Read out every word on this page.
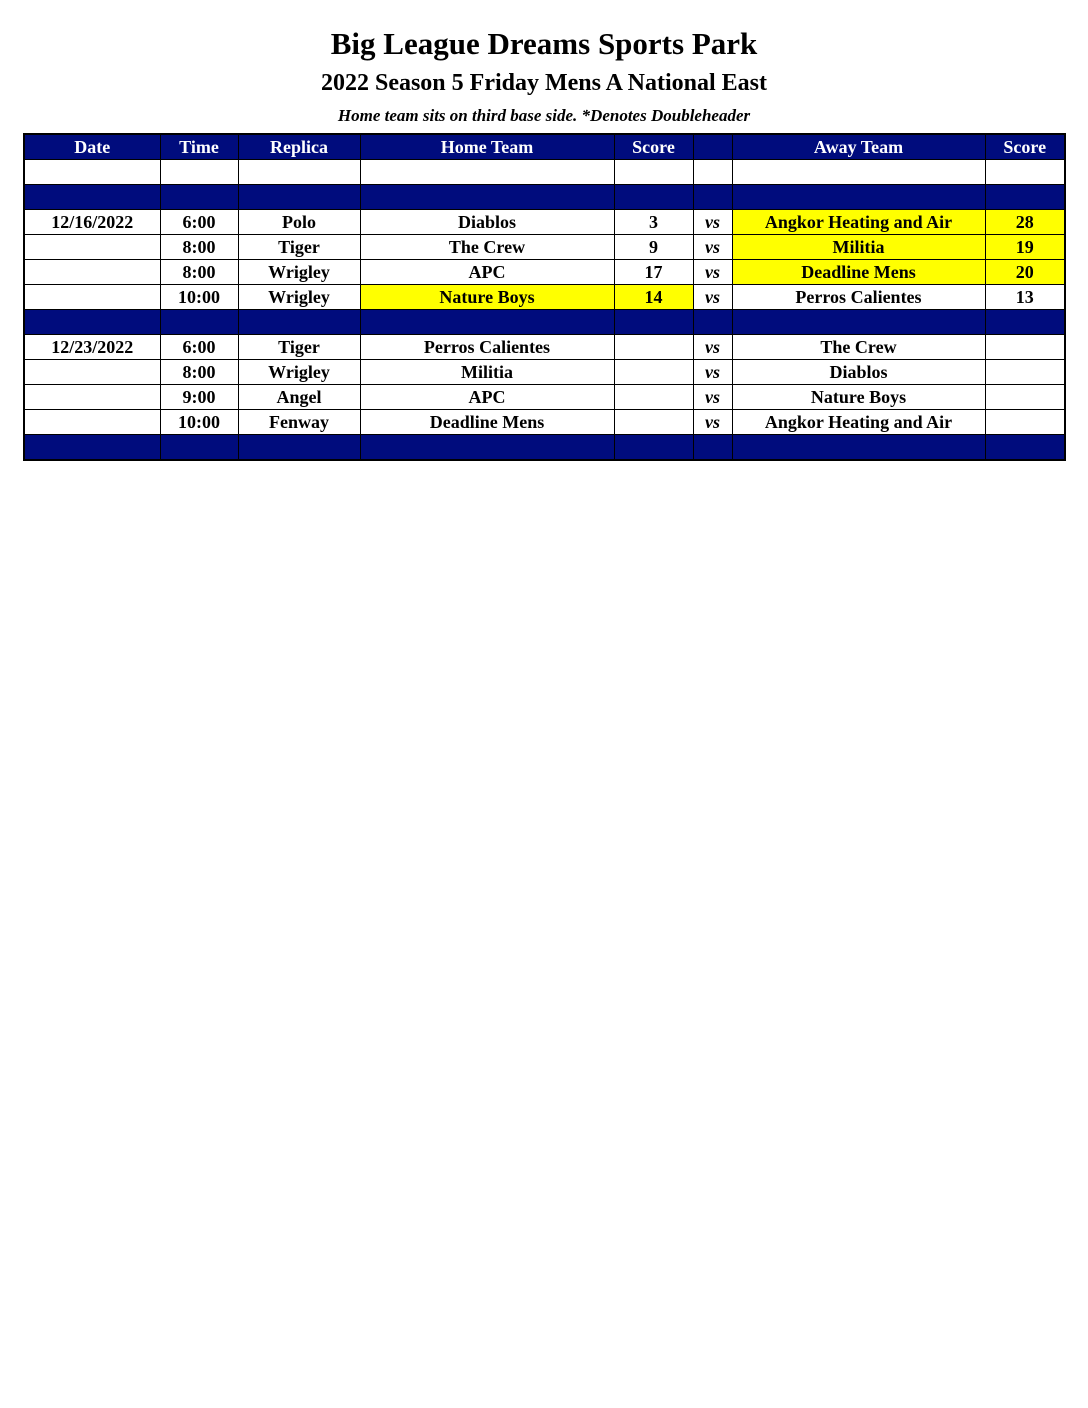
Big League Dreams Sports Park
2022 Season 5 Friday Mens A National East
Home team sits on third base side. *Denotes Doubleheader
Date	Time	Replica	Home Team	Score		Away Team	Score

12/16/2022	6:00	Polo	Diablos	3	vs	Angkor Heating and Air	28
	8:00	Tiger	The Crew	9	vs	Militia	19
	8:00	Wrigley	APC	17	vs	Deadline Mens	20
	10:00	Wrigley	Nature Boys	14	vs	Perros Calientes	13

12/23/2022	6:00	Tiger	Perros Calientes		vs	The Crew	
	8:00	Wrigley	Militia		vs	Diablos	
	9:00	Angel	APC		vs	Nature Boys	
	10:00	Fenway	Deadline Mens		vs	Angkor Heating and Air	
